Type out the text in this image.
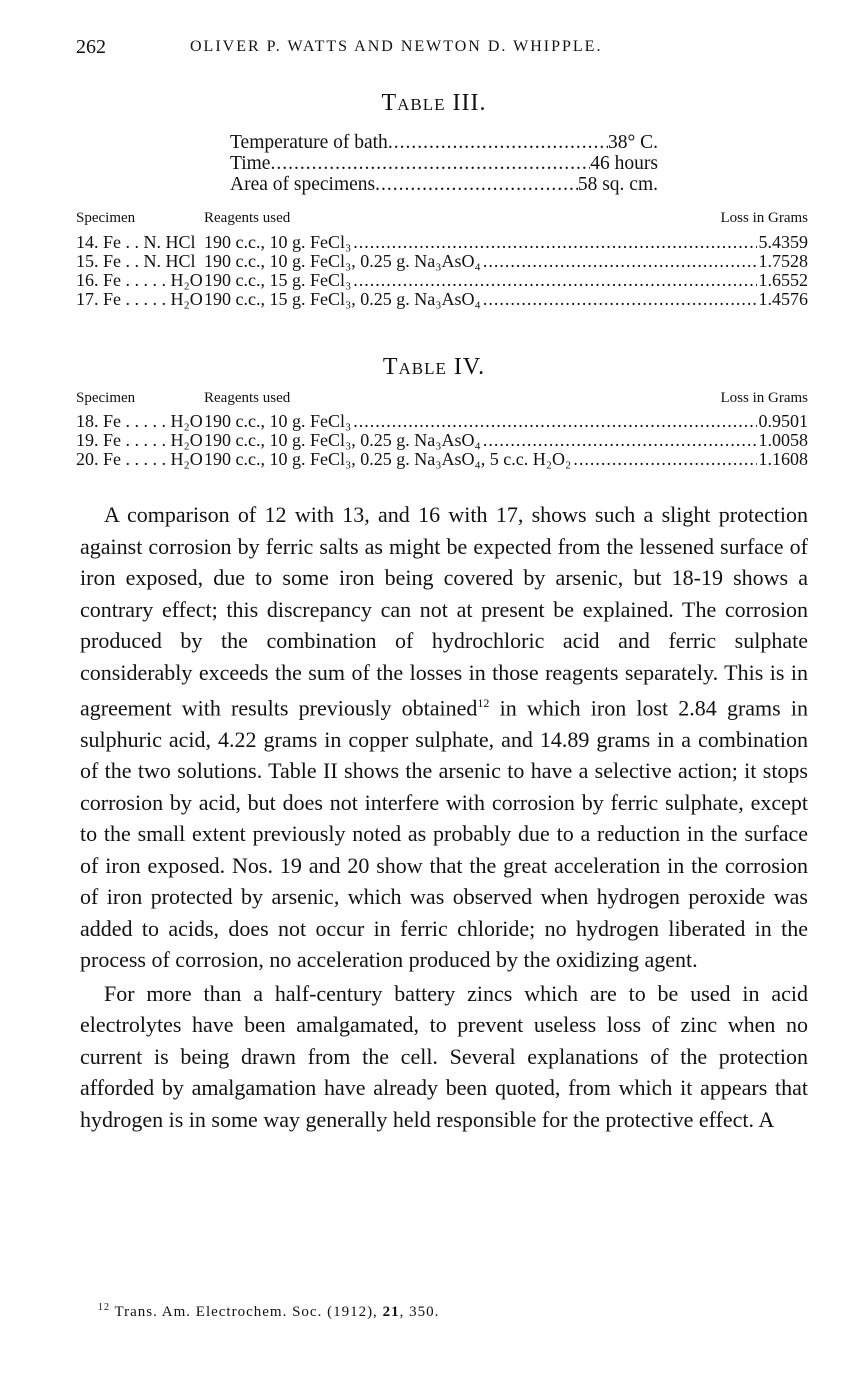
262	OLIVER P. WATTS AND NEWTON D. WHIPPLE.
Table III.
Temperature of bath .....	38° C.
Time .....	46 hours
Area of specimens .....	58 sq. cm.
Specimen	Reagents used	Loss in Grams
14. Fe . . N. HCl 190 c.c., 10 g. FeCl₃ .....	5.4359
15. Fe . . N. HCl 190 c.c., 10 g. FeCl₃, 0.25 g. Na₃AsO₄ .....	1.7528
16. Fe . . . . . H₂O 190 c.c., 15 g. FeCl₃ .....	1.6552
17. Fe . . . . . H₂O 190 c.c., 15 g. FeCl₃, 0.25 g. Na₃AsO₄ .....	1.4576
Table IV.
Specimen	Reagents used	Loss in Grams
18. Fe . . . . . H₂O 190 c.c., 10 g. FeCl₃ .....	0.9501
19. Fe . . . . . H₂O 190 c.c., 10 g. FeCl₃, 0.25 g. Na₃AsO₄ .....	1.0058
20. Fe . . . . . H₂O 190 c.c., 10 g. FeCl₃, 0.25 g. Na₃AsO₄, 5 c.c. H₂O₂ .....	1.1608

A comparison of 12 with 13, and 16 with 17, shows such a slight protection against corrosion by ferric salts as might be expected from the lessened surface of iron exposed, due to some iron being covered by arsenic, but 18-19 shows a contrary effect; this discrepancy can not at present be explained. The corrosion produced by the combination of hydrochloric acid and ferric sulphate considerably exceeds the sum of the losses in those reagents separately. This is in agreement with results previously obtained$^{12}$ in which iron lost 2.84 grams in sulphuric acid, 4.22 grams in copper sulphate, and 14.89 grams in a combination of the two solutions. Table II shows the arsenic to have a selective action; it stops corrosion by acid, but does not interfere with corrosion by ferric sulphate, except to the small extent previously noted as probably due to a reduction in the surface of iron exposed. Nos. 19 and 20 show that the great acceleration in the corrosion of iron protected by arsenic, which was observed when hydrogen peroxide was added to acids, does not occur in ferric chloride; no hydrogen liberated in the process of corrosion, no acceleration produced by the oxidizing agent.

For more than a half-century battery zincs which are to be used in acid electrolytes have been amalgamated, to prevent useless loss of zinc when no current is being drawn from the cell. Several explanations of the protection afforded by amalgamation have already been quoted, from which it appears that hydrogen is in some way generally held responsible for the protective effect. A

$^{12}$ Trans. Am. Electrochem. Soc. (1912), 21, 350.
